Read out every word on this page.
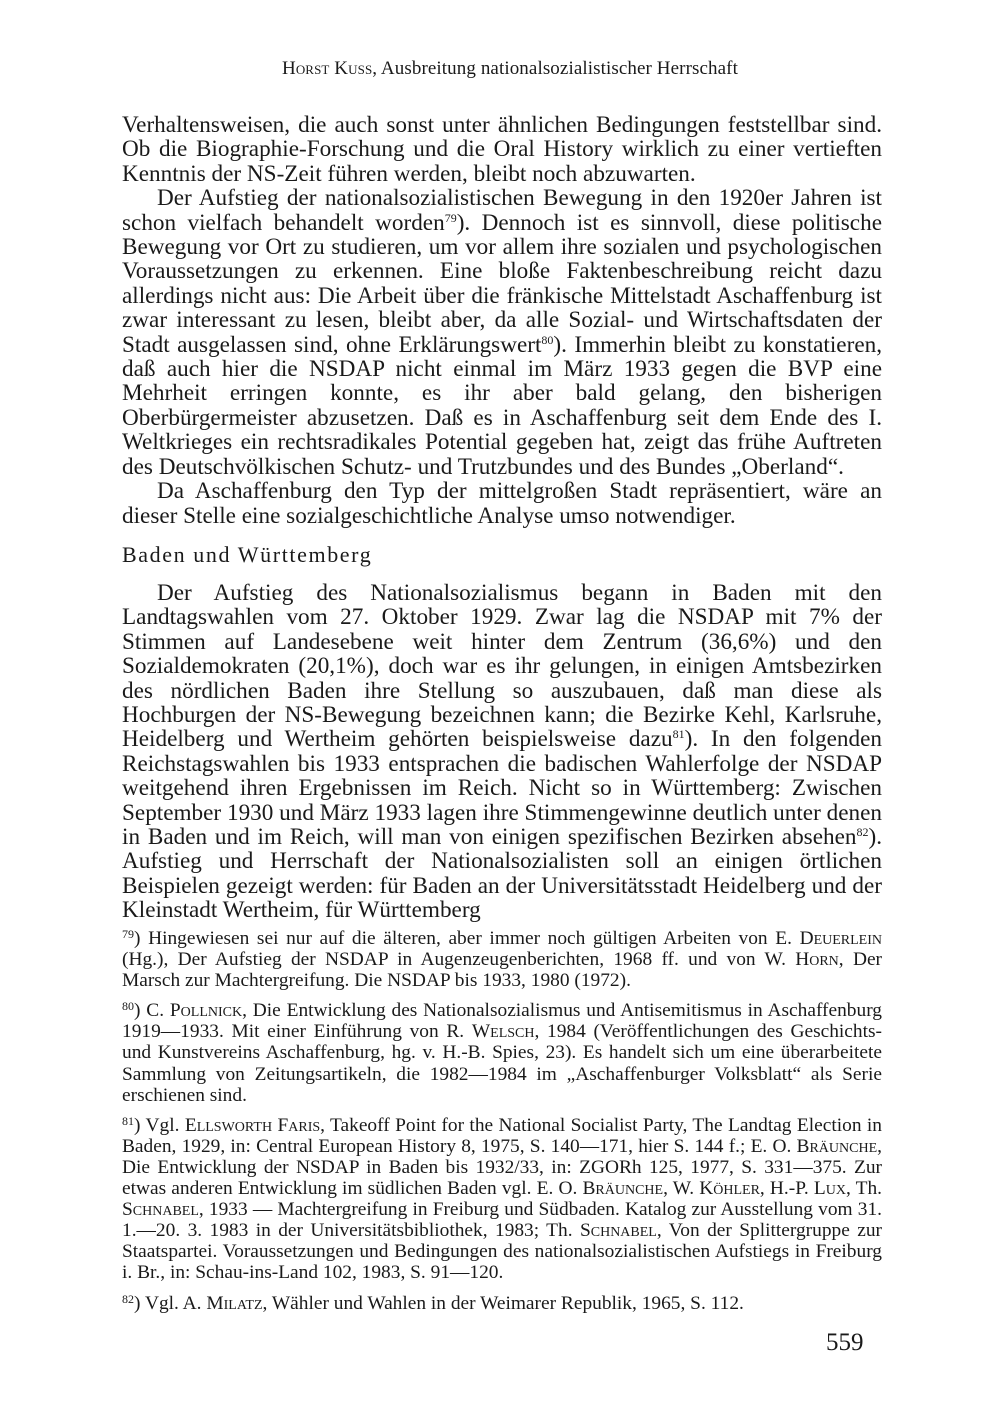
Horst Kuss, Ausbreitung nationalsozialistischer Herrschaft

Verhaltensweisen, die auch sonst unter ähnlichen Bedingungen feststellbar sind. Ob die Biographie-Forschung und die Oral History wirklich zu einer vertieften Kenntnis der NS-Zeit führen werden, bleibt noch abzuwarten.

Der Aufstieg der nationalsozialistischen Bewegung in den 1920er Jahren ist schon vielfach behandelt worden$^{79}$). Dennoch ist es sinnvoll, diese politische Bewegung vor Ort zu studieren, um vor allem ihre sozialen und psychologischen Voraussetzungen zu erkennen. Eine bloße Faktenbeschreibung reicht dazu allerdings nicht aus: Die Arbeit über die fränkische Mittelstadt Aschaffenburg ist zwar interessant zu lesen, bleibt aber, da alle Sozial- und Wirtschaftsdaten der Stadt ausgelassen sind, ohne Erklärungswert$^{80}$). Immerhin bleibt zu konstatieren, daß auch hier die NSDAP nicht einmal im März 1933 gegen die BVP eine Mehrheit erringen konnte, es ihr aber bald gelang, den bisherigen Oberbürgermeister abzusetzen. Daß es in Aschaffenburg seit dem Ende des I. Weltkrieges ein rechtsradikales Potential gegeben hat, zeigt das frühe Auftreten des Deutschvölkischen Schutz- und Trutzbundes und des Bundes „Oberland“.

Da Aschaffenburg den Typ der mittelgroßen Stadt repräsentiert, wäre an dieser Stelle eine sozialgeschichtliche Analyse umso notwendiger.

Baden und Württemberg

Der Aufstieg des Nationalsozialismus begann in Baden mit den Landtagswahlen vom 27. Oktober 1929. Zwar lag die NSDAP mit 7% der Stimmen auf Landesebene weit hinter dem Zentrum (36,6%) und den Sozialdemokraten (20,1%), doch war es ihr gelungen, in einigen Amtsbezirken des nördlichen Baden ihre Stellung so auszubauen, daß man diese als Hochburgen der NS-Bewegung bezeichnen kann; die Bezirke Kehl, Karlsruhe, Heidelberg und Wertheim gehörten beispielsweise dazu$^{81}$). In den folgenden Reichstagswahlen bis 1933 entsprachen die badischen Wahlerfolge der NSDAP weitgehend ihren Ergebnissen im Reich. Nicht so in Württemberg: Zwischen September 1930 und März 1933 lagen ihre Stimmengewinne deutlich unter denen in Baden und im Reich, will man von einigen spezifischen Bezirken absehen$^{82}$). Aufstieg und Herrschaft der Nationalsozialisten soll an einigen örtlichen Beispielen gezeigt werden: für Baden an der Universitätsstadt Heidelberg und der Kleinstadt Wertheim, für Württemberg

$^{79}$) Hingewiesen sei nur auf die älteren, aber immer noch gültigen Arbeiten von E. Deuerlein (Hg.), Der Aufstieg der NSDAP in Augenzeugenberichten, 1968 ff. und von W. Horn, Der Marsch zur Machtergreifung. Die NSDAP bis 1933, 1980 (1972).

$^{80}$) C. Pollnick, Die Entwicklung des Nationalsozialismus und Antisemitismus in Aschaffenburg 1919—1933. Mit einer Einführung von R. Welsch, 1984 (Veröffentlichungen des Geschichts- und Kunstvereins Aschaffenburg, hg. v. H.-B. Spies, 23). Es handelt sich um eine überarbeitete Sammlung von Zeitungsartikeln, die 1982—1984 im „Aschaffenburger Volksblatt“ als Serie erschienen sind.

$^{81}$) Vgl. Ellsworth Faris, Takeoff Point for the National Socialist Party, The Landtag Election in Baden, 1929, in: Central European History 8, 1975, S. 140—171, hier S. 144 f.; E. O. Bräunche, Die Entwicklung der NSDAP in Baden bis 1932/33, in: ZGORh 125, 1977, S. 331—375. Zur etwas anderen Entwicklung im südlichen Baden vgl. E. O. Bräunche, W. Köhler, H.-P. Lux, Th. Schnabel, 1933 — Machtergreifung in Freiburg und Südbaden. Katalog zur Ausstellung vom 31. 1.—20. 3. 1983 in der Universitätsbibliothek, 1983; Th. Schnabel, Von der Splittergruppe zur Staatspartei. Voraussetzungen und Bedingungen des nationalsozialistischen Aufstiegs in Freiburg i. Br., in: Schau-ins-Land 102, 1983, S. 91—120.

$^{82}$) Vgl. A. Milatz, Wähler und Wahlen in der Weimarer Republik, 1965, S. 112.

559
